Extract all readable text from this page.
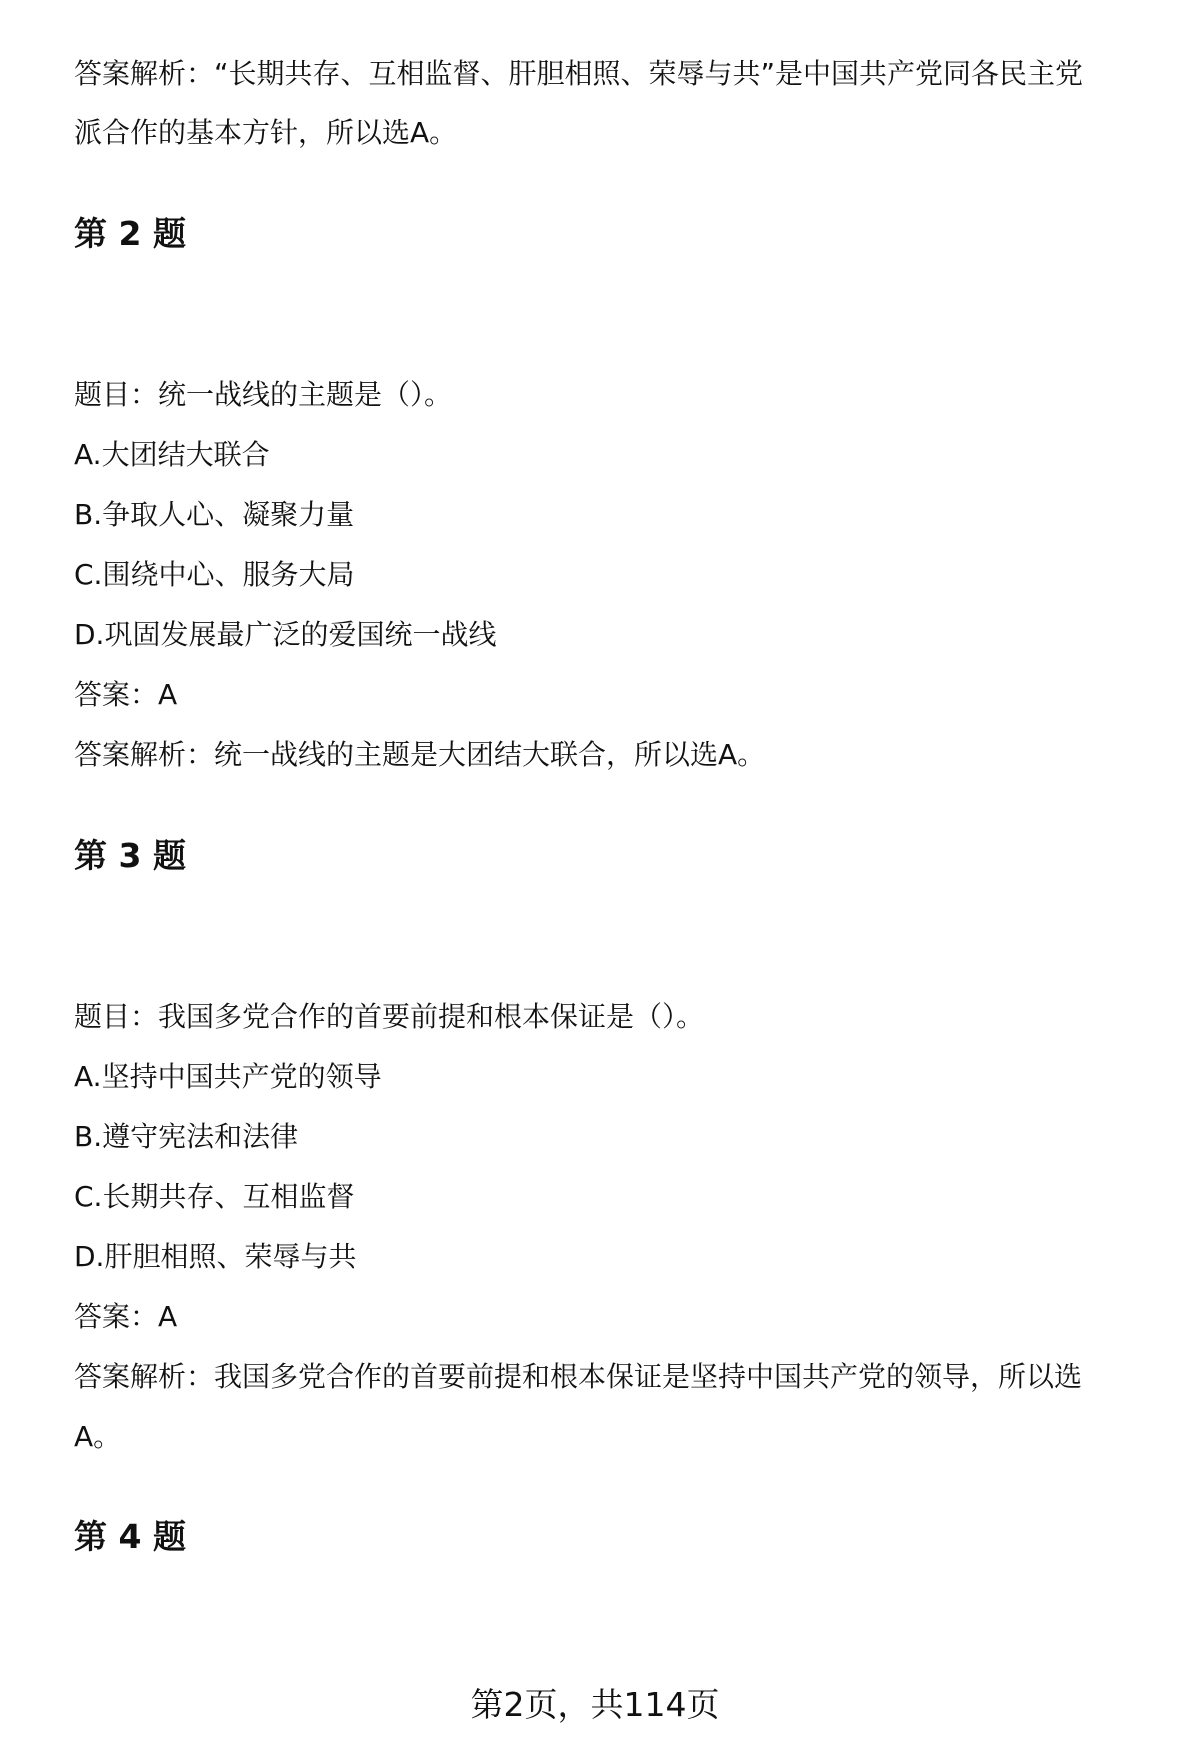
答案解析：“长期共存、互相监督、肝胆相照、荣辱与共”是中国共产党同各民主党
派合作的基本方针，所以选A。
第 2 题
题目：统一战线的主题是（）。
A.大团结大联合
B.争取人心、凝聚力量
C.围绕中心、服务大局
D.巩固发展最广泛的爱国统一战线
答案：A
答案解析：统一战线的主题是大团结大联合，所以选A。
第 3 题
题目：我国多党合作的首要前提和根本保证是（）。
A.坚持中国共产党的领导
B.遵守宪法和法律
C.长期共存、互相监督
D.肝胆相照、荣辱与共
答案：A
答案解析：我国多党合作的首要前提和根本保证是坚持中国共产党的领导，所以选
A。
第 4 题
第2页，共114页
